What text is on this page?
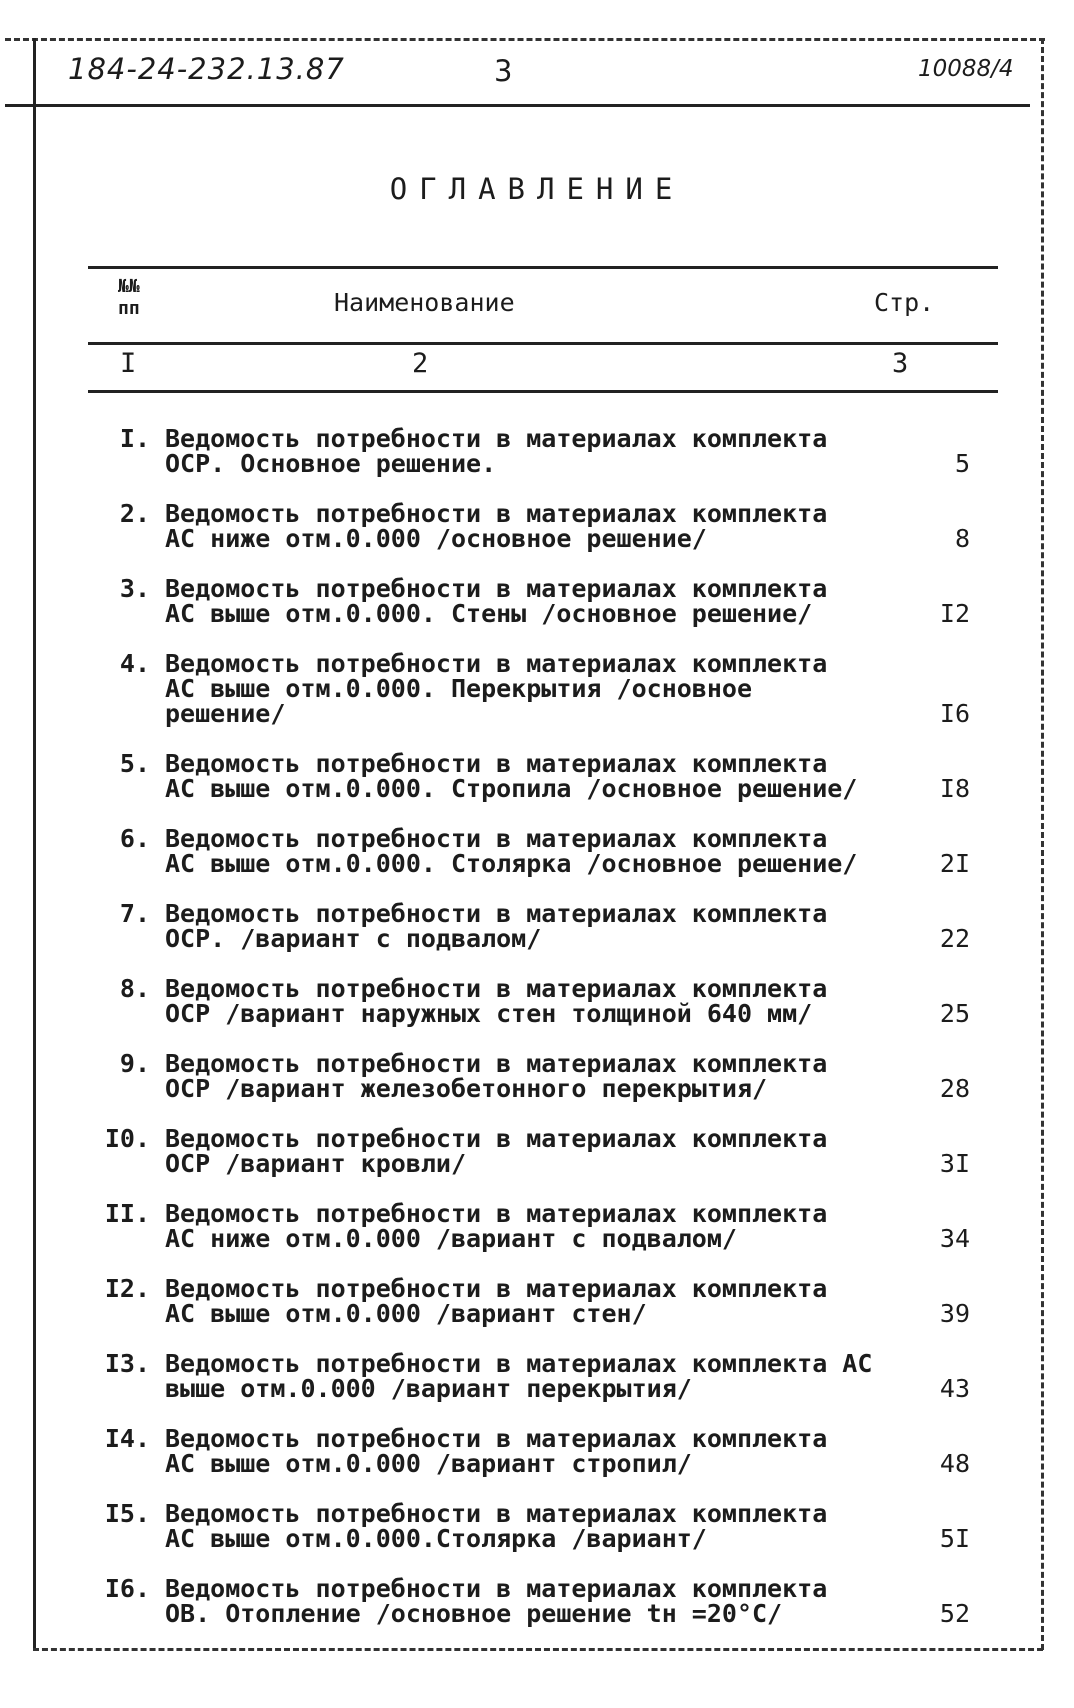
184-24-232.13.87	3	10088/4
ОГЛАВЛЕНИЕ
№№
пп	Наименование	Стр.
I	2	3
I. Ведомость потребности в материалах комплекта
ОСР. Основное решение.	5
2. Ведомость потребности в материалах комплекта
АС ниже отм.0.000 /основное решение/	8
3. Ведомость потребности в материалах комплекта
АС выше отм.0.000. Стены /основное решение/	I2
4. Ведомость потребности в материалах комплекта
АС выше отм.0.000. Перекрытия /основное
решение/	I6
5. Ведомость потребности в материалах комплекта
АС выше отм.0.000. Стропила /основное решение/	I8
6. Ведомость потребности в материалах комплекта
АС выше отм.0.000. Столярка /основное решение/	2I
7. Ведомость потребности в материалах комплекта
ОСР. /вариант с подвалом/	22
8. Ведомость потребности в материалах комплекта
ОСР /вариант наружных стен толщиной 640 мм/	25
9. Ведомость потребности в материалах комплекта
ОСР /вариант железобетонного перекрытия/	28
I0. Ведомость потребности в материалах комплекта
ОСР /вариант кровли/	3I
II. Ведомость потребности в материалах комплекта
АС ниже отм.0.000 /вариант с подвалом/	34
I2. Ведомость потребности в материалах комплекта
АС выше отм.0.000 /вариант стен/	39
I3. Ведомость потребности в материалах комплекта АС
выше отм.0.000 /вариант перекрытия/	43
I4. Ведомость потребности в материалах комплекта
АС выше отм.0.000 /вариант стропил/	48
I5. Ведомость потребности в материалах комплекта
АС выше отм.0.000.Столярка /вариант/	5I
I6. Ведомость потребности в материалах комплекта
ОВ. Отопление /основное решение tн =20°С/	52
